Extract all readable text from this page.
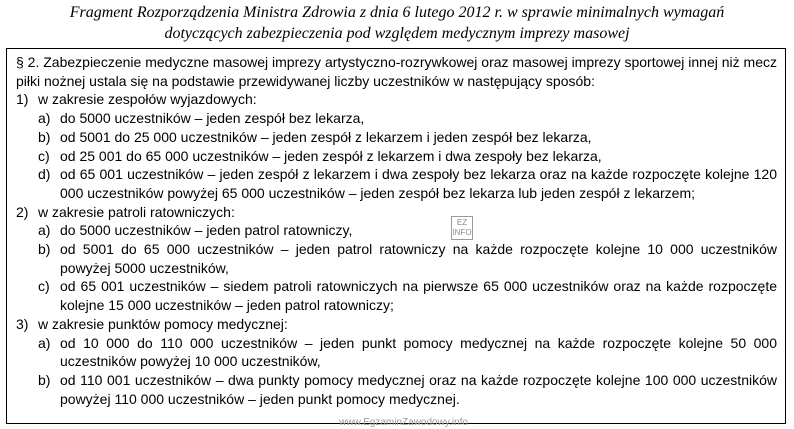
Fragment Rozporządzenia Ministra Zdrowia z dnia 6 lutego 2012 r. w sprawie minimalnych wymagań
dotyczących zabezpieczenia pod względem medycznym imprezy masowej
§ 2. Zabezpieczenie medyczne masowej imprezy artystyczno-rozrywkowej oraz masowej imprezy sportowej innej niż mecz piłki nożnej ustala się na podstawie przewidywanej liczby uczestników w następujący sposób:
1) w zakresie zespołów wyjazdowych:
a) do 5000 uczestników – jeden zespół bez lekarza,
b) od 5001 do 25 000 uczestników – jeden zespół z lekarzem i jeden zespół bez lekarza,
c) od 25 001 do 65 000 uczestników – jeden zespół z lekarzem i dwa zespoły bez lekarza,
d) od 65 001 uczestników – jeden zespół z lekarzem i dwa zespoły bez lekarza oraz na każde rozpoczęte kolejne 120 000 uczestników powyżej 65 000 uczestników – jeden zespół bez lekarza lub jeden zespół z lekarzem;
2) w zakresie patroli ratowniczych:
a) do 5000 uczestników – jeden patrol ratowniczy,
b) od 5001 do 65 000 uczestników – jeden patrol ratowniczy na każde rozpoczęte kolejne 10 000 uczestników powyżej 5000 uczestników,
c) od 65 001 uczestników – siedem patroli ratowniczych na pierwsze 65 000 uczestników oraz na każde rozpoczęte kolejne 15 000 uczestników – jeden patrol ratowniczy;
3) w zakresie punktów pomocy medycznej:
a) od 10 000 do 110 000 uczestników – jeden punkt pomocy medycznej na każde rozpoczęte kolejne 50 000 uczestników powyżej 10 000 uczestników,
b) od 110 001 uczestników – dwa punkty pomocy medycznej oraz na każde rozpoczęte kolejne 100 000 uczestników powyżej 110 000 uczestników – jeden punkt pomocy medycznej.
EZ
INFO
www.EgzaminZawodowy.info
